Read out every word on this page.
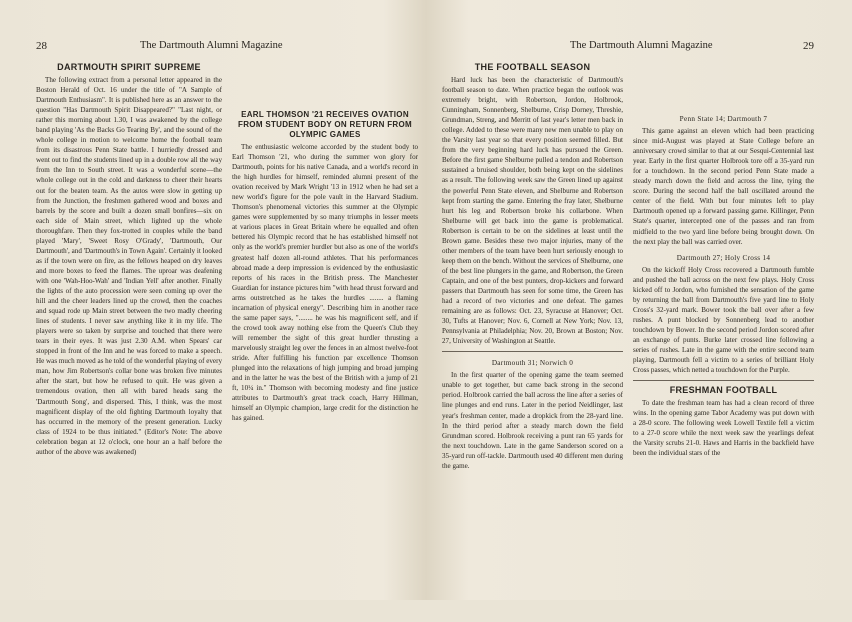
28	The Dartmouth Alumni Magazine
DARTMOUTH SPIRIT SUPREME

The following extract from a personal letter appeared in the Boston Herald of Oct. 16 under the title of "A Sample of Dartmouth Enthusiasm". It is published here as an answer to the question "Has Dartmouth Spirit Disappeared?" "Last night, or rather this morning about 1.30, I was awakened by the college band playing 'As the Backs Go Tearing By', and the sound of the whole college in motion to welcome home the football team from its disastrous Penn State battle. I hurriedly dressed and went out to find the students lined up in a double row all the way from the Inn to South street. It was a wonderful scene—the whole college out in the cold and darkness to cheer their hearts out for the beaten team. As the autos were slow in getting up from the Junction, the freshmen gathered wood and boxes and barrels by the score and built a dozen small bonfires—six on each side of Main street, which lighted up the whole thoroughfare. Then they fox-trotted in couples while the band played 'Mary', 'Sweet Rosy O'Grady', 'Dartmouth, Our Dartmouth', and 'Dartmouth's in Town Again'. Certainly it looked as if the town were on fire, as the fellows heaped on dry leaves and more boxes to feed the flames. The uproar was deafening with one 'Wah-Hoo-Wah' and 'Indian Yell' after another. Finally the lights of the auto procession were seen coming up over the hill and the cheer leaders lined up the crowd, then the coaches and squad rode up Main street between the two madly cheering lines of students. I never saw anything like it in my life. The players were so taken by surprise and touched that there were tears in their eyes. It was just 2.30 A.M. when Spears' car stopped in front of the Inn and he was forced to make a speech. He was much moved as he told of the wonderful playing of every man, how Jim Robertson's collar bone was broken five minutes after the start, but how he refused to quit. He was given a tremendous ovation, then all with bared heads sang the 'Dartmouth Song', and dispersed. This, I think, was the most magnificent display of the old fighting Dartmouth loyalty that has occurred in the memory of the present generation. Lucky class of 1924 to be thus initiated." (Editor's Note: The above celebration began at 12 o'clock, one hour an a half before the author of the above was awakened)

EARL THOMSON '21 RECEIVES OVATION FROM STUDENT BODY ON RETURN FROM OLYMPIC GAMES

The enthusiastic welcome accorded by the student body to Earl Thomson '21, who during the summer won glory for Dartmouth, points for his native Canada, and a world's record in the high hurdles for himself, reminded alumni present of the ovation received by Mark Wright '13 in 1912 when he had set a new world's figure for the pole vault in the Harvard Stadium. Thomson's phenomenal victories this summer at the Olympic games were supplemented by so many triumphs in lesser meets at various places in Great Britain where he equalled and often bettered his Olympic record that he has established himself not only as the world's premier hurdler but also as one of the world's greatest half dozen all-round athletes. That his performances abroad made a deep impression is evidenced by the enthusiastic reports of his races in the British press. The Manchester Guardian for instance pictures him "with head thrust forward and arms outstretched as he takes the hurdles ........ a flaming incarnation of physical energy". Describing him in another race the same paper says, "........ he was his magnificent self, and if the crowd took away nothing else from the Queen's Club they will remember the sight of this great hurdler thrusting a marvelously straight leg over the fences in an almost twelve-foot stride. After fulfilling his function par excellence Thomson plunged into the relaxations of high jumping and broad jumping and in the latter he was the best of the British with a jump of 21 ft, 10¼ in." Thomson with becoming modesty and fine justice attributes to Dartmouth's great track coach, Harry Hillman, himself an Olympic champion, large credit for the distinction he has gained.

The Dartmouth Alumni Magazine	29
THE FOOTBALL SEASON

Hard luck has been the characteristic of Dartmouth's football season to date. When practice began the outlook was extremely bright, with Robertson, Jordon, Holbrook, Cunningham, Sonnenberg, Shelburne, Crisp Dorney, Threshie, Grundman, Streng, and Merritt of last year's letter men back in college. Added to these were many new men unable to play on the Varsity last year so that every position seemed filled. But from the very beginning hard luck has pursued the Green. Before the first game Shelburne pulled a tendon and Robertson sustained a bruised shoulder, both being kept on the sidelines as a result. The following week saw the Green lined up against the powerful Penn State eleven, and Shelburne and Robertson kept from starting the game. Entering the fray later, Shelburne hurt his leg and Robertson broke his collarbone. When Shelburne will get back into the game is problematical. Robertson is certain to be on the sidelines at least until the Brown game. Besides these two major injuries, many of the other members of the team have been hurt seriously enough to keep them on the bench. Without the services of Shelburne, one of the best line plungers in the game, and Robertson, the Green Captain, and one of the best punters, drop-kickers and forward passers that Dartmouth has seen for some time, the Green has had a record of two victories and one defeat. The games remaining are as follows: Oct. 23, Syracuse at Hanover; Oct. 30, Tufts at Hanover; Nov. 6, Cornell at New York; Nov. 13, Pennsylvania at Philadelphia; Nov. 20, Brown at Boston; Nov. 27, University of Washington at Seattle.

Dartmouth 31; Norwich 0

In the first quarter of the opening game the team seemed unable to get together, but came back strong in the second period. Holbrook carried the ball across the line after a series of line plunges and end runs. Later in the period Neidlinger, last year's freshman center, made a dropkick from the 28-yard line. In the third period after a steady march down the field Grundman scored. Holbrook receiving a punt ran 65 yards for the next touchdown. Late in the game Sanderson scored on a 35-yard run off-tackle. Dartmouth used 40 different men during the game.

Penn State 14; Dartmouth 7

This game against an eleven which had been practicing since mid-August was played at State College before an anniversary crowd similar to that at our Sesqui-Centennial last year. Early in the first quarter Holbrook tore off a 35-yard run for a touchdown. In the second period Penn State made a steady march down the field and across the line, tying the score. During the second half the ball oscillated around the center of the field. With but four minutes left to play Dartmouth opened up a forward passing game. Killinger, Penn State's quarter, intercepted one of the passes and ran from midfield to the two yard line before being brought down. On the next play the ball was carried over.

Dartmouth 27; Holy Cross 14

On the kickoff Holy Cross recovered a Dartmouth fumble and pushed the ball across on the next few plays. Holy Cross kicked off to Jordon, who furnished the sensation of the game by returning the ball from Dartmouth's five yard line to Holy Cross's 32-yard mark. Bower took the ball over after a few rushes. A punt blocked by Sonnenberg lead to another touchdown by Bower. In the second period Jordon scored after an exchange of punts. Burke later crossed line following a series of rushes. Late in the game with the entire second team playing, Dartmouth fell a victim to a series of brilliant Holy Cross passes, which netted a touchdown for the Purple.

FRESHMAN FOOTBALL

To date the freshman team has had a clean record of three wins. In the opening game Tabor Academy was put down with a 28-0 score. The following week Lowell Textile fell a victim to a 27-0 score while the next week saw the yearlings defeat the Varsity scrubs 21-0. Haws and Harris in the backfield have been the individual stars of the
